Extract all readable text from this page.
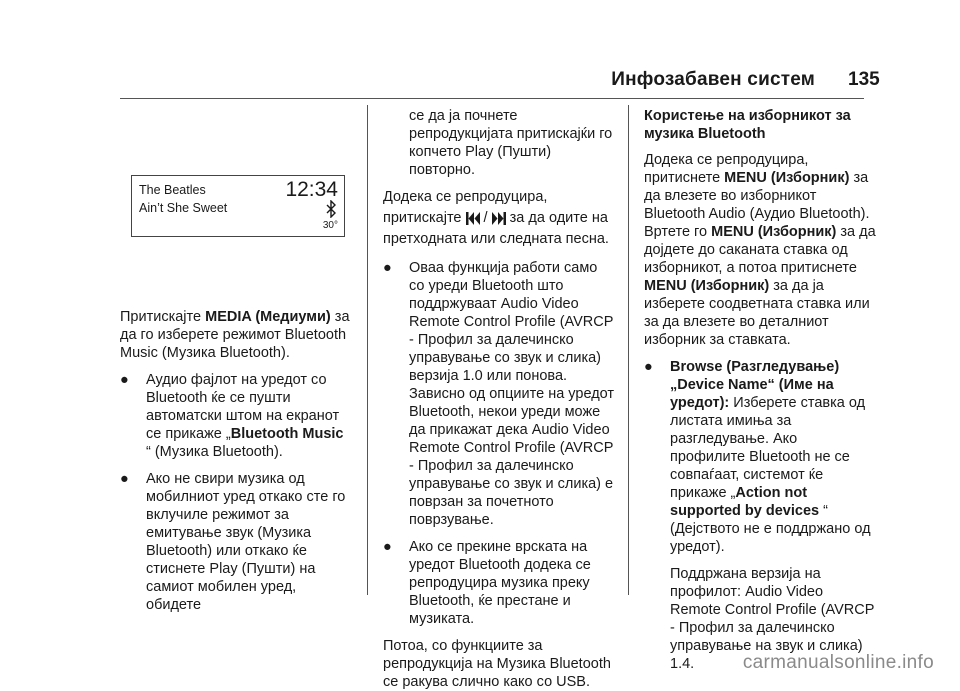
Инфозабавен систем 135
The Beatles
Ain’t She Sweet
12:34
30°

Притискајте MEDIA (Медиуми) за да го изберете режимот Bluetooth Music (Музика Bluetooth).

● Аудио фајлот на уредот со Bluetooth ќе се пушти автоматски штом на екранот се прикаже „Bluetooth Music “ (Музика Bluetooth).

● Ако не свири музика од мобилниот уред откако сте го вклучиле режимот за емитување звук (Музика Bluetooth) или откако ќе стиснете Play (Пушти) на самиот мобилен уред, обидете

се да ја почнете репродукцијата притискајќи го копчето Play (Пушти) повторно.

Додека се репродуцира, притискајте  /  за да одите на претходната или следната песна.

● Оваа функција работи само со уреди Bluetooth што поддржуваат Audio Video Remote Control Profile (AVRCP - Профил за далечинско управување со звук и слика) верзија 1.0 или понова. Зависно од опциите на уредот Bluetooth, некои уреди може да прикажат дека Audio Video Remote Control Profile (AVRCP - Профил за далечинско управување со звук и слика) е поврзан за почетното поврзување.

● Ако се прекине врската на уредот Bluetooth додека се репродуцира музика преку Bluetooth, ќе престане и музиката.

Потоа, со функциите за репродукција на Музика Bluetooth се ракува слично како со USB.

Користење на изборникот за музика Bluetooth

Додека се репродуцира, притиснете MENU (Изборник) за да влезете во изборникот Bluetooth Audio (Аудио Bluetooth). Вртете го MENU (Изборник) за да дојдете до саканата ставка од изборникот, а потоа притиснете MENU (Изборник) за да ја изберете соодветната ставка или за да влезете во деталниот изборник за ставката.

● Browse (Разгледување) „Device Name“ (Име на уредот): Изберете ставка од листата имиња за разгледување. Ако профилите Bluetooth не се совпаѓаат, системот ќе прикаже „Action not supported by devices “ (Дејството не е поддржано од уредот).

Поддржана верзија на профилот: Audio Video Remote Control Profile (AVRCP - Профил за далечинско управување на звук и слика) 1.4.	carmanualsonline.info
